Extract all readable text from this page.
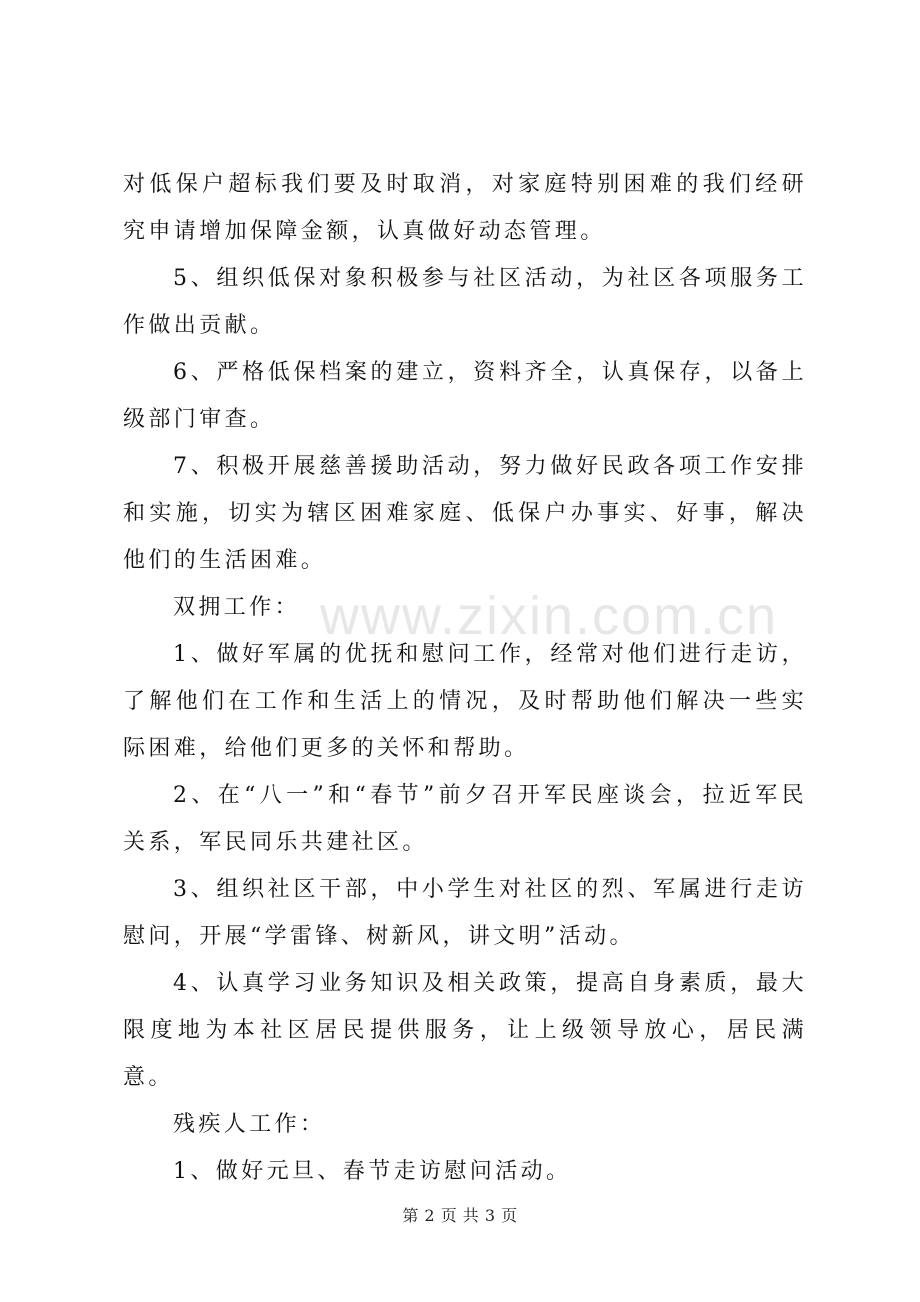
对低保户超标我们要及时取消，对家庭特别困难的我们经研究申请增加保障金额，认真做好动态管理。

5、组织低保对象积极参与社区活动，为社区各项服务工作做出贡献。

6、严格低保档案的建立，资料齐全，认真保存，以备上级部门审查。

7、积极开展慈善援助活动，努力做好民政各项工作安排和实施，切实为辖区困难家庭、低保户办事实、好事，解决他们的生活困难。

双拥工作：

1、做好军属的优抚和慰问工作，经常对他们进行走访，了解他们在工作和生活上的情况，及时帮助他们解决一些实际困难，给他们更多的关怀和帮助。

2、在“八一”和“春节”前夕召开军民座谈会，拉近军民关系，军民同乐共建社区。

3、组织社区干部，中小学生对社区的烈、军属进行走访慰问，开展“学雷锋、树新风，讲文明”活动。

4、认真学习业务知识及相关政策，提高自身素质，最大限度地为本社区居民提供服务，让上级领导放心，居民满意。

残疾人工作：

1、做好元旦、春节走访慰问活动。

www.zixin.com.cn
第 2 页 共 3 页
